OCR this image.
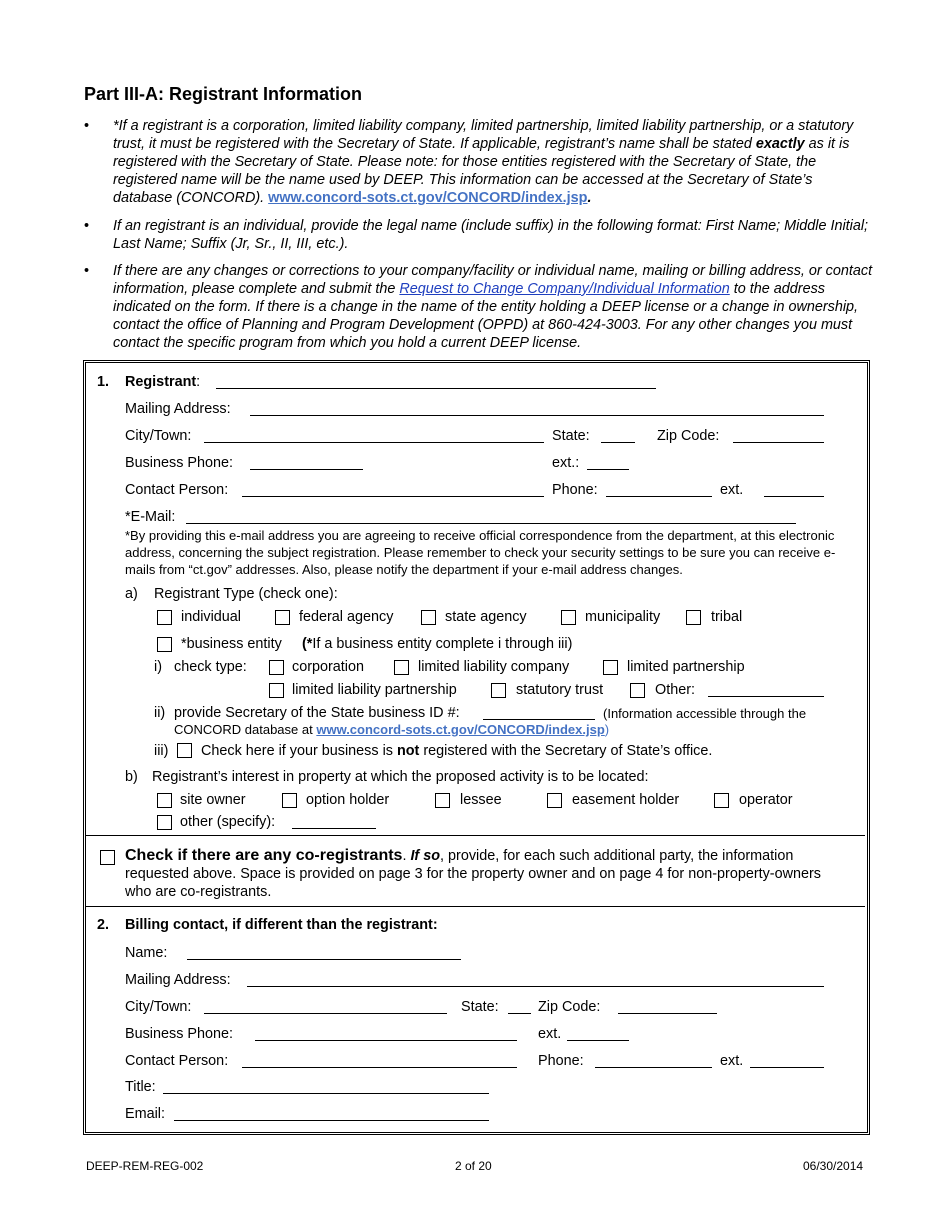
Part III-A: Registrant Information
• *If a registrant is a corporation, limited liability company, limited partnership, limited liability partnership, or a statutory trust, it must be registered with the Secretary of State. If applicable, registrant’s name shall be stated exactly as it is registered with the Secretary of State. Please note: for those entities registered with the Secretary of State, the registered name will be the name used by DEEP. This information can be accessed at the Secretary of State’s database (CONCORD). www.concord-sots.ct.gov/CONCORD/index.jsp.
• If an registrant is an individual, provide the legal name (include suffix) in the following format: First Name; Middle Initial; Last Name; Suffix (Jr, Sr., II, III, etc.).
• If there are any changes or corrections to your company/facility or individual name, mailing or billing address, or contact information, please complete and submit the Request to Change Company/Individual Information to the address indicated on the form. If there is a change in the name of the entity holding a DEEP license or a change in ownership, contact the office of Planning and Program Development (OPPD) at 860-424-3003. For any other changes you must contact the specific program from which you hold a current DEEP license.
1. Registrant:
Mailing Address:
City/Town:	State:	Zip Code:
Business Phone:	ext.:
Contact Person:	Phone:	ext.
*E-Mail:
*By providing this e-mail address you are agreeing to receive official correspondence from the department, at this electronic address, concerning the subject registration. Please remember to check your security settings to be sure you can receive e-mails from “ct.gov” addresses. Also, please notify the department if your e-mail address changes.
a) Registrant Type (check one):
individual	federal agency	state agency	municipality	tribal
*business entity (*If a business entity complete i through iii)
i) check type:	corporation	limited liability company	limited partnership
limited liability partnership	statutory trust	Other:
ii) provide Secretary of the State business ID #:	(Information accessible through the
CONCORD database at www.concord-sots.ct.gov/CONCORD/index.jsp)
iii) Check here if your business is not registered with the Secretary of State’s office.
b) Registrant’s interest in property at which the proposed activity is to be located:
site owner	option holder	lessee	easement holder	operator
other (specify):
Check if there are any co-registrants. If so, provide, for each such additional party, the information requested above. Space is provided on page 3 for the property owner and on page 4 for non-property-owners who are co-registrants.
2. Billing contact, if different than the registrant:
Name:
Mailing Address:
City/Town:	State:	Zip Code:
Business Phone:	ext.
Contact Person:	Phone:	ext.
Title:
Email:
DEEP-REM-REG-002	2 of 20	06/30/2014
